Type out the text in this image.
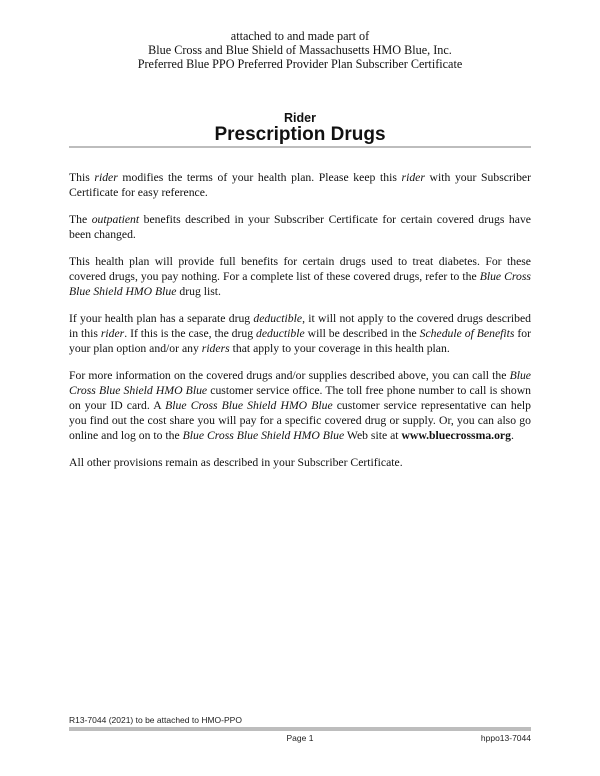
attached to and made part of
Blue Cross and Blue Shield of Massachusetts HMO Blue, Inc.
Preferred Blue PPO Preferred Provider Plan Subscriber Certificate
Rider
Prescription Drugs

This rider modifies the terms of your health plan. Please keep this rider with your Subscriber Certificate for easy reference.

The outpatient benefits described in your Subscriber Certificate for certain covered drugs have been changed.

This health plan will provide full benefits for certain drugs used to treat diabetes. For these covered drugs, you pay nothing. For a complete list of these covered drugs, refer to the Blue Cross Blue Shield HMO Blue drug list.

If your health plan has a separate drug deductible, it will not apply to the covered drugs described in this rider. If this is the case, the drug deductible will be described in the Schedule of Benefits for your plan option and/or any riders that apply to your coverage in this health plan.

For more information on the covered drugs and/or supplies described above, you can call the Blue Cross Blue Shield HMO Blue customer service office. The toll free phone number to call is shown on your ID card. A Blue Cross Blue Shield HMO Blue customer service representative can help you find out the cost share you will pay for a specific covered drug or supply. Or, you can also go online and log on to the Blue Cross Blue Shield HMO Blue Web site at www.bluecrossma.org.

All other provisions remain as described in your Subscriber Certificate.

R13-7044 (2021) to be attached to HMO-PPO
Page 1	hppo13-7044
